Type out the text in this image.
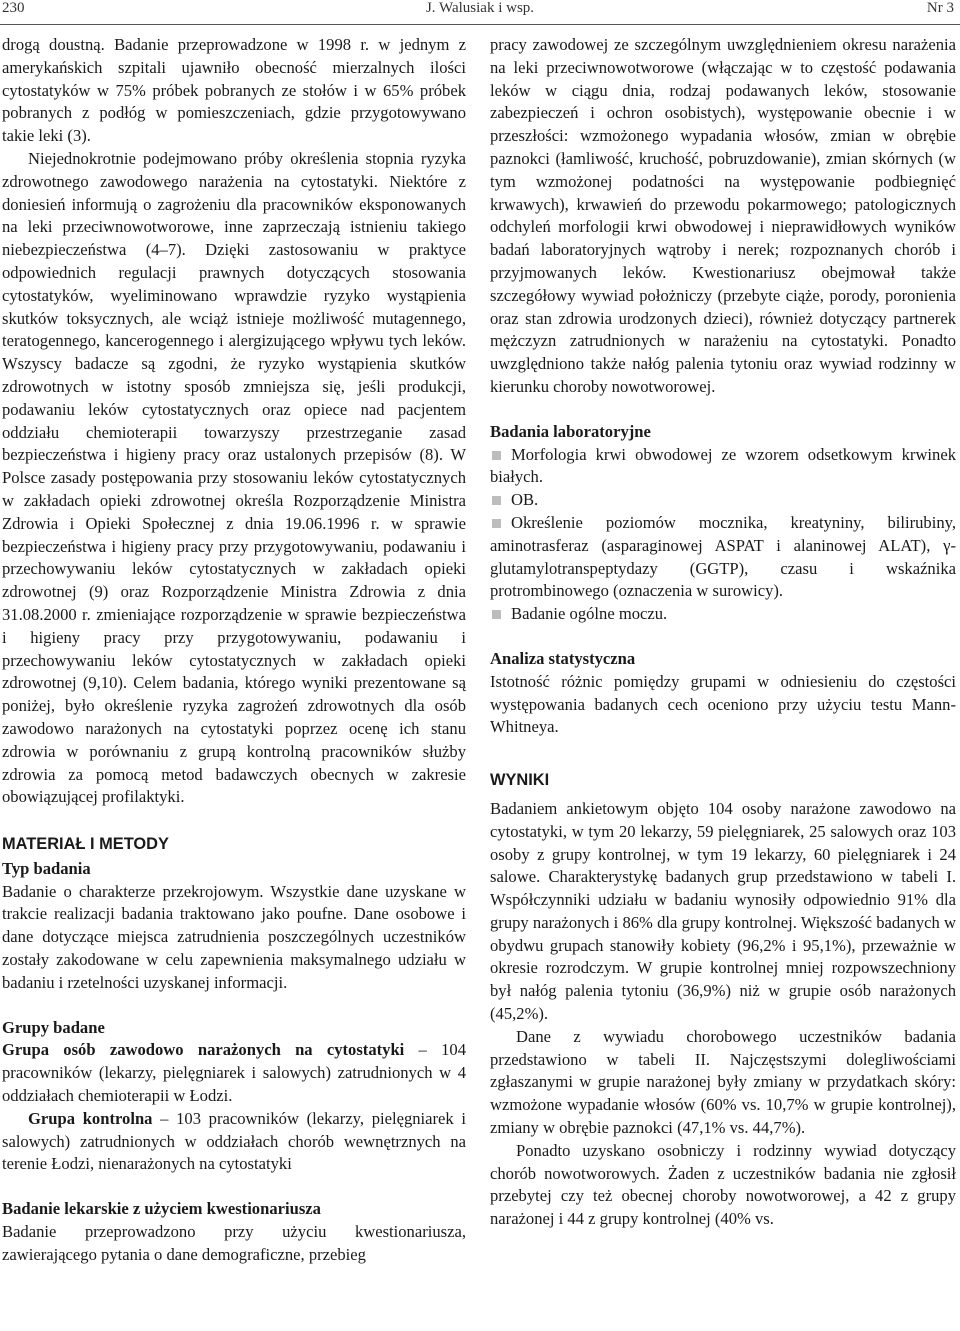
230	J. Walusiak i wsp.	Nr 3

drogą doustną. Badanie przeprowadzone w 1998 r. w jednym z amerykańskich szpitali ujawniło obecność mierzalnych ilości cytostatyków w 75% próbek pobranych ze stołów i w 65% próbek pobranych z podłóg w pomieszczeniach, gdzie przygotowywano takie leki (3).

Niejednokrotnie podejmowano próby określenia stopnia ryzyka zdrowotnego zawodowego narażenia na cytostatyki. Niektóre z doniesień informują o zagrożeniu dla pracowników eksponowanych na leki przeciwnowotworowe, inne zaprzeczają istnieniu takiego niebezpieczeństwa (4–7). Dzięki zastosowaniu w praktyce odpowiednich regulacji prawnych dotyczących stosowania cytostatyków, wyeliminowano wprawdzie ryzyko wystąpienia skutków toksycznych, ale wciąż istnieje możliwość mutagennego, teratogennego, kancerogennego i alergizującego wpływu tych leków. Wszyscy badacze są zgodni, że ryzyko wystąpienia skutków zdrowotnych w istotny sposób zmniejsza się, jeśli produkcji, podawaniu leków cytostatycznych oraz opiece nad pacjentem oddziału chemioterapii towarzyszy przestrzeganie zasad bezpieczeństwa i higieny pracy oraz ustalonych przepisów (8). W Polsce zasady postępowania przy stosowaniu leków cytostatycznych w zakładach opieki zdrowotnej określa Rozporządzenie Ministra Zdrowia i Opieki Społecznej z dnia 19.06.1996 r. w sprawie bezpieczeństwa i higieny pracy przy przygotowywaniu, podawaniu i przechowywaniu leków cytostatycznych w zakładach opieki zdrowotnej (9) oraz Rozporządzenie Ministra Zdrowia z dnia 31.08.2000 r. zmieniające rozporządzenie w sprawie bezpieczeństwa i higieny pracy przy przygotowywaniu, podawaniu i przechowywaniu leków cytostatycznych w zakładach opieki zdrowotnej (9,10). Celem badania, którego wyniki prezentowane są poniżej, było określenie ryzyka zagrożeń zdrowotnych dla osób zawodowo narażonych na cytostatyki poprzez ocenę ich stanu zdrowia w porównaniu z grupą kontrolną pracowników służby zdrowia za pomocą metod badawczych obecnych w zakresie obowiązującej profilaktyki.

MATERIAŁ I METODY

Typ badania

Badanie o charakterze przekrojowym. Wszystkie dane uzyskane w trakcie realizacji badania traktowano jako poufne. Dane osobowe i dane dotyczące miejsca zatrudnienia poszczególnych uczestników zostały zakodowane w celu zapewnienia maksymalnego udziału w badaniu i rzetelności uzyskanej informacji.

Grupy badane

Grupa osób zawodowo narażonych na cytostatyki – 104 pracowników (lekarzy, pielęgniarek i salowych) zatrudnionych w 4 oddziałach chemioterapii w Łodzi.

Grupa kontrolna – 103 pracowników (lekarzy, pielęgniarek i salowych) zatrudnionych w oddziałach chorób wewnętrznych na terenie Łodzi, nienarażonych na cytostatyki

Badanie lekarskie z użyciem kwestionariusza

Badanie przeprowadzono przy użyciu kwestionariusza, zawierającego pytania o dane demograficzne, przebieg

pracy zawodowej ze szczególnym uwzględnieniem okresu narażenia na leki przeciwnowotworowe (włączając w to częstość podawania leków w ciągu dnia, rodzaj podawanych leków, stosowanie zabezpieczeń i ochron osobistych), występowanie obecnie i w przeszłości: wzmożonego wypadania włosów, zmian w obrębie paznokci (łamliwość, kruchość, pobruzdowanie), zmian skórnych (w tym wzmożonej podatności na występowanie podbiegnięć krwawych), krwawień do przewodu pokarmowego; patologicznych odchyleń morfologii krwi obwodowej i nieprawidłowych wyników badań laboratoryjnych wątroby i nerek; rozpoznanych chorób i przyjmowanych leków. Kwestionariusz obejmował także szczegółowy wywiad położniczy (przebyte ciąże, porody, poronienia oraz stan zdrowia urodzonych dzieci), również dotyczący partnerek mężczyzn zatrudnionych w narażeniu na cytostatyki. Ponadto uwzględniono także nałóg palenia tytoniu oraz wywiad rodzinny w kierunku choroby nowotworowej.

Badania laboratoryjne

Morfologia krwi obwodowej ze wzorem odsetkowym krwinek białych.

OB.

Określenie poziomów mocznika, kreatyniny, bilirubiny, aminotrasferaz (asparaginowej ASPAT i alaninowej ALAT), γ-glutamylotranspeptydazy (GGTP), czasu i wskaźnika protrombinowego (oznaczenia w surowicy).

Badanie ogólne moczu.

Analiza statystyczna

Istotność różnic pomiędzy grupami w odniesieniu do częstości występowania badanych cech oceniono przy użyciu testu Mann-Whitneya.

WYNIKI

Badaniem ankietowym objęto 104 osoby narażone zawodowo na cytostatyki, w tym 20 lekarzy, 59 pielęgniarek, 25 salowych oraz 103 osoby z grupy kontrolnej, w tym 19 lekarzy, 60 pielęgniarek i 24 salowe. Charakterystykę badanych grup przedstawiono w tabeli I. Współczynniki udziału w badaniu wynosiły odpowiednio 91% dla grupy narażonych i 86% dla grupy kontrolnej. Większość badanych w obydwu grupach stanowiły kobiety (96,2% i 95,1%), przeważnie w okresie rozrodczym. W grupie kontrolnej mniej rozpowszechniony był nałóg palenia tytoniu (36,9%) niż w grupie osób narażonych (45,2%).

Dane z wywiadu chorobowego uczestników badania przedstawiono w tabeli II. Najczęstszymi dolegliwościami zgłaszanymi w grupie narażonej były zmiany w przydatkach skóry: wzmożone wypadanie włosów (60% vs. 10,7% w grupie kontrolnej), zmiany w obrębie paznokci (47,1% vs. 44,7%).

Ponadto uzyskano osobniczy i rodzinny wywiad dotyczący chorób nowotworowych. Żaden z uczestników badania nie zgłosił przebytej czy też obecnej choroby nowotworowej, a 42 z grupy narażonej i 44 z grupy kontrolnej (40% vs.
